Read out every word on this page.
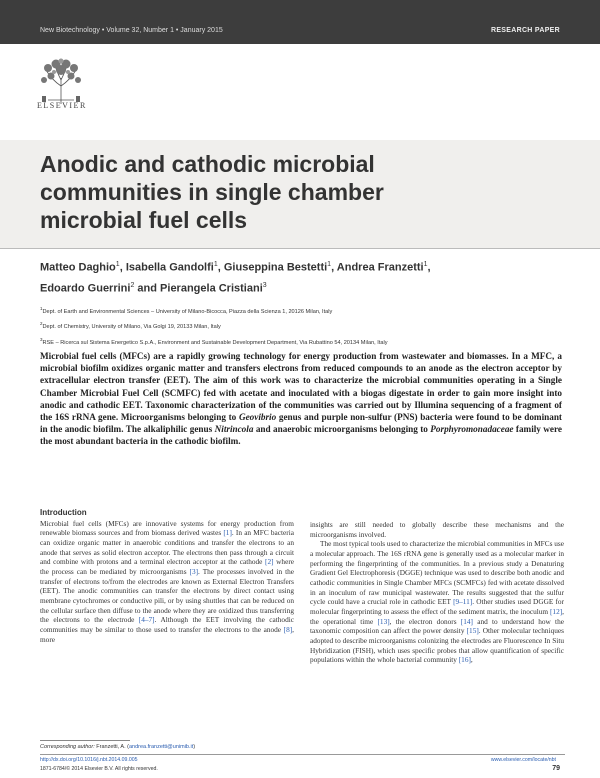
New Biotechnology • Volume 32, Number 1 • January 2015	RESEARCH PAPER
ELSEVIER
Anodic and cathodic microbial communities in single chamber microbial fuel cells
Matteo Daghio$^1$, Isabella Gandolfi$^1$, Giuseppina Bestetti$^1$, Andrea Franzetti$^1$,
Edoardo Guerrini$^2$ and Pierangela Cristiani$^3$
$^1$Dept. of Earth and Environmental Sciences – University of Milano-Bicocca, Piazza della Scienza 1, 20126 Milan, Italy
$^2$Dept. of Chemistry, University of Milano, Via Golgi 19, 20133 Milan, Italy
$^3$RSE – Ricerca sul Sistema Energetico S.p.A., Environment and Sustainable Development Department, Via Rubattino 54, 20134 Milan, Italy

Microbial fuel cells (MFCs) are a rapidly growing technology for energy production from wastewater and biomasses. In a MFC, a microbial biofilm oxidizes organic matter and transfers electrons from reduced compounds to an anode as the electron acceptor by extracellular electron transfer (EET). The aim of this work was to characterize the microbial communities operating in a Single Chamber Microbial Fuel Cell (SCMFC) fed with acetate and inoculated with a biogas digestate in order to gain more insight into anodic and cathodic EET. Taxonomic characterization of the communities was carried out by Illumina sequencing of a fragment of the 16S rRNA gene. Microorganisms belonging to Geovibrio genus and purple non-sulfur (PNS) bacteria were found to be dominant in the anodic biofilm. The alkaliphilic genus Nitrincola and anaerobic microorganisms belonging to Porphyromonadaceae family were the most abundant bacteria in the cathodic biofilm.

Introduction

Microbial fuel cells (MFCs) are innovative systems for energy production from renewable biomass sources and from biomass derived wastes [1]. In an MFC bacteria can oxidize organic matter in anaerobic conditions and transfer the electrons to an anode that serves as solid electron acceptor. The electrons then pass through a circuit and combine with protons and a terminal electron acceptor at the cathode [2] where the process can be mediated by microorganisms [3]. The processes involved in the transfer of electrons to/from the electrodes are known as External Electron Transfers (EET). The anodic communities can transfer the electrons by direct contact using membrane cytochromes or conductive pili, or by using shuttles that can be reduced on the cellular surface then diffuse to the anode where they are oxidized thus transferring the electrons to the electrode [4–7]. Although the EET involving the cathodic communities may be similar to those used to transfer the electrons to the anode [8], more

insights are still needed to globally describe these mechanisms and the microorganisms involved.

The most typical tools used to characterize the microbial communities in MFCs use a molecular approach. The 16S rRNA gene is generally used as a molecular marker in performing the fingerprinting of the communities. In a previous study a Denaturing Gradient Gel Electrophoresis (DGGE) technique was used to describe both anodic and cathodic communities in Single Chamber MFCs (SCMFCs) fed with acetate dissolved in an inoculum of raw municipal wastewater. The results suggested that the sulfur cycle could have a crucial role in cathodic EET [9–11]. Other studies used DGGE for molecular fingerprinting to assess the effect of the sediment matrix, the inoculum [12], the operational time [13], the electron donors [14] and to understand how the taxonomic composition can affect the power density [15]. Other molecular techniques adopted to describe microorganisms colonizing the electrodes are Fluorescence In Situ Hybridization (FISH), which uses specific probes that allow quantification of specific populations within the whole bacterial community [16],

Corresponding author: Franzetti, A. (andrea.franzetti@unimib.it)
http://dx.doi.org/10.1016/j.nbt.2014.09.005
1871-6784/© 2014 Elsevier B.V. All rights reserved.
www.elsevier.com/locate/nbt
79
